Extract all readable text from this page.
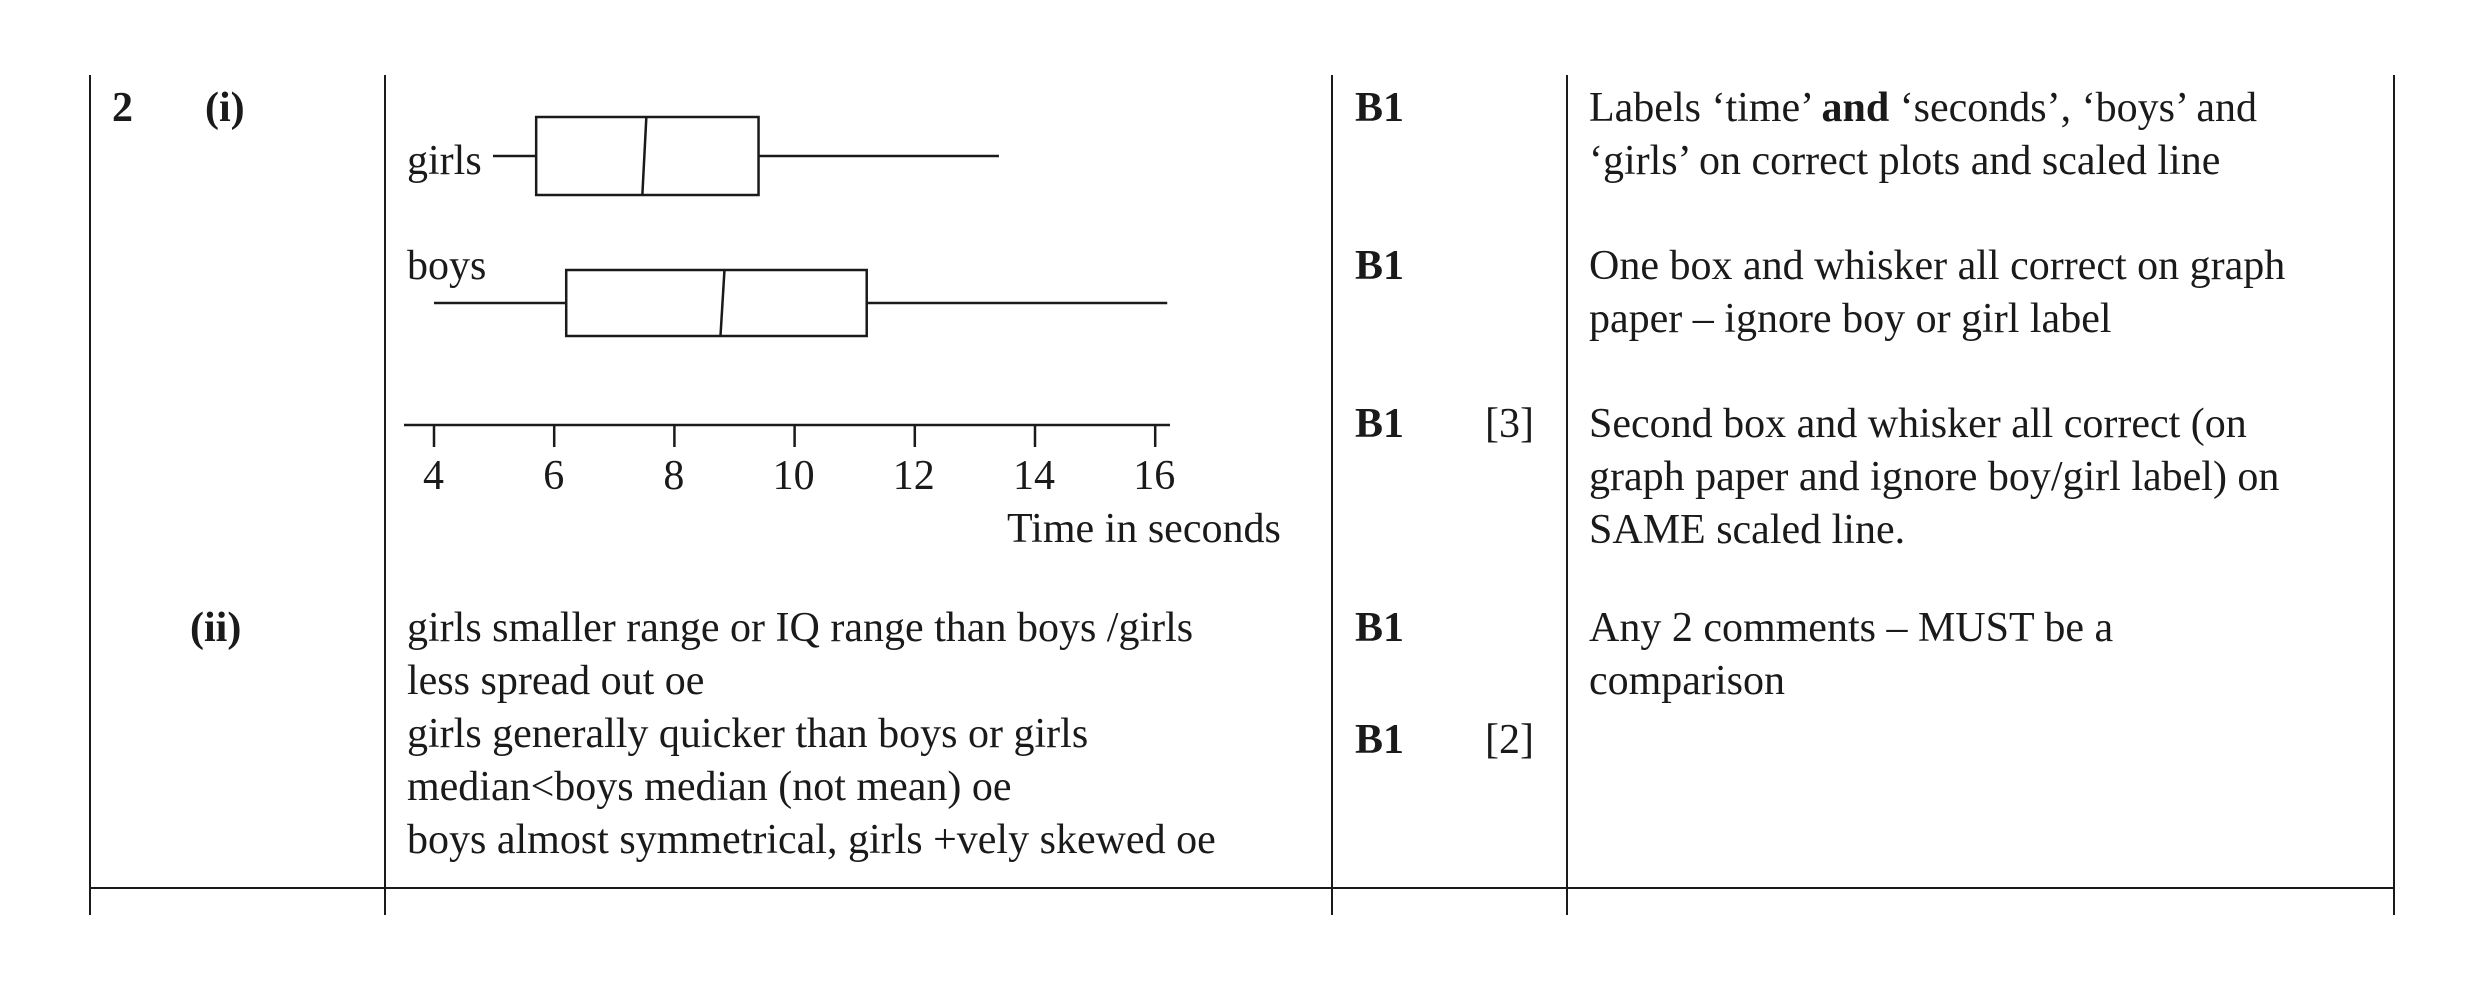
2 (i)
(ii)
girls
boys
4 6 8 10 12 14 16
Time in seconds
girls smaller range or IQ range than boys /girls
less spread out oe
girls generally quicker than boys or girls
median<boys median (not mean) oe
boys almost symmetrical, girls +vely skewed oe
B1
B1
B1 [3]
B1
B1 [2]
Labels ‘time’ and ‘seconds’, ‘boys’ and
‘girls’ on correct plots and scaled line
One box and whisker all correct on graph
paper – ignore boy or girl label
Second box and whisker all correct (on
graph paper and ignore boy/girl label) on
SAME scaled line.
Any 2 comments – MUST be a
comparison
